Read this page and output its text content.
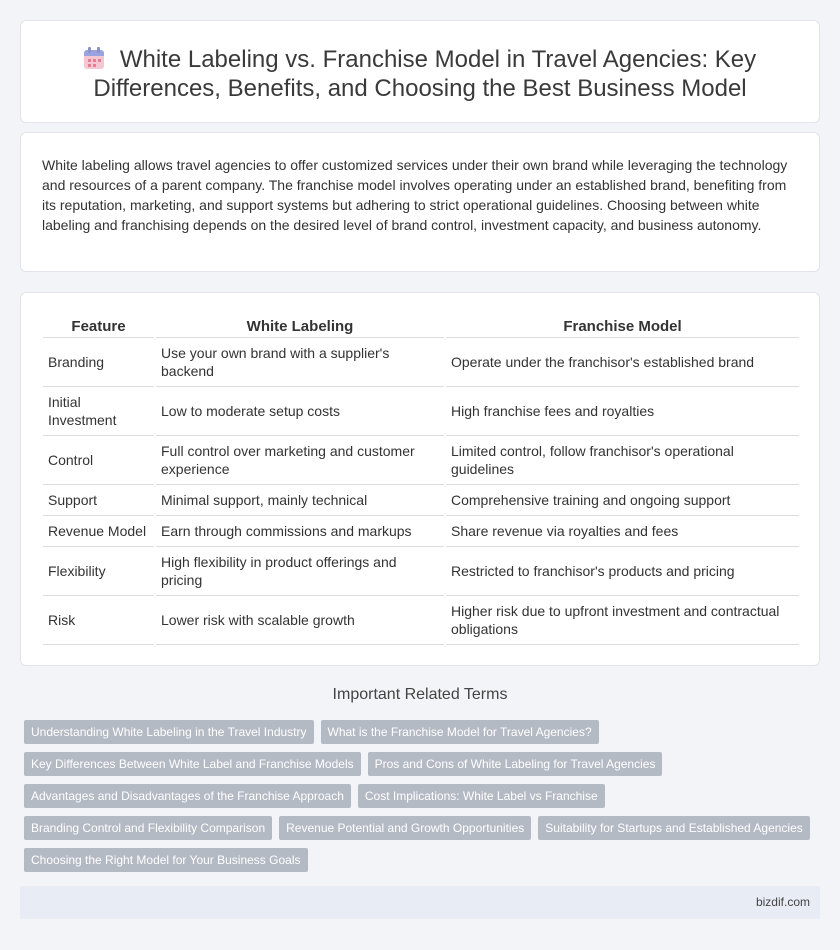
White Labeling vs. Franchise Model in Travel Agencies: Key Differences, Benefits, and Choosing the Best Business Model

White labeling allows travel agencies to offer customized services under their own brand while leveraging the technology and resources of a parent company. The franchise model involves operating under an established brand, benefiting from its reputation, marketing, and support systems but adhering to strict operational guidelines. Choosing between white labeling and franchising depends on the desired level of brand control, investment capacity, and business autonomy.

Feature	White Labeling	Franchise Model
Branding	Use your own brand with a supplier's backend	Operate under the franchisor's established brand
Initial Investment	Low to moderate setup costs	High franchise fees and royalties
Control	Full control over marketing and customer experience	Limited control, follow franchisor's operational guidelines
Support	Minimal support, mainly technical	Comprehensive training and ongoing support
Revenue Model	Earn through commissions and markups	Share revenue via royalties and fees
Flexibility	High flexibility in product offerings and pricing	Restricted to franchisor's products and pricing
Risk	Lower risk with scalable growth	Higher risk due to upfront investment and contractual obligations
Important Related Terms
Understanding White Labeling in the Travel Industry What is the Franchise Model for Travel Agencies?
Key Differences Between White Label and Franchise Models Pros and Cons of White Labeling for Travel Agencies
Advantages and Disadvantages of the Franchise Approach Cost Implications: White Label vs Franchise
Branding Control and Flexibility Comparison Revenue Potential and Growth Opportunities Suitability for Startups and Established Agencies
Choosing the Right Model for Your Business Goals
bizdif.com
